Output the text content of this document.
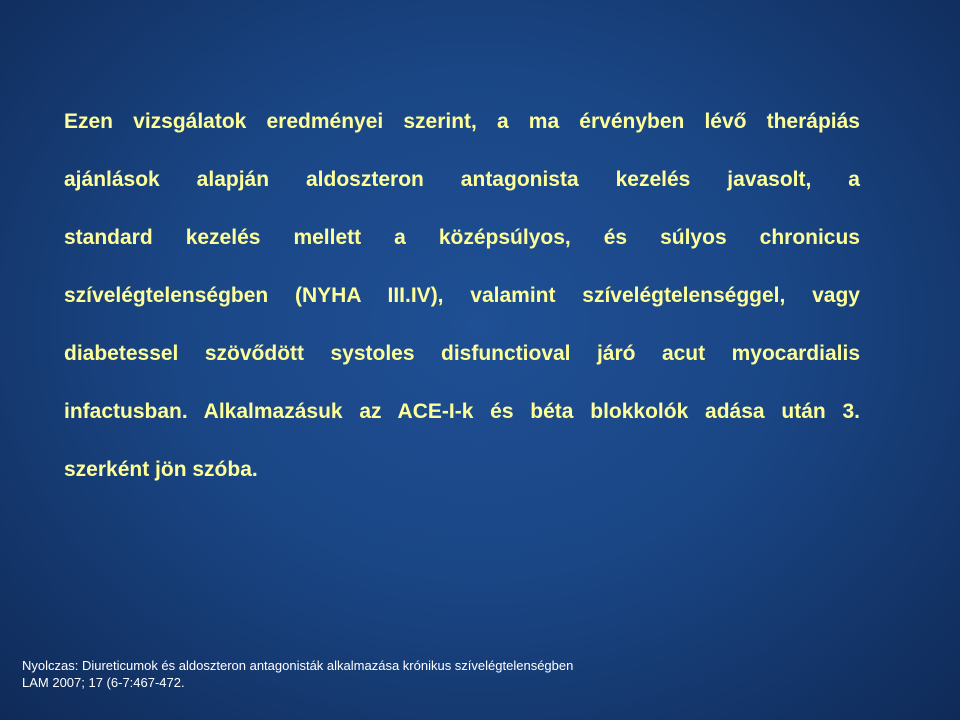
Ezen vizsgálatok eredményei szerint, a ma érvényben lévő therápiás
ajánlások alapján aldoszteron antagonista kezelés javasolt, a
standard kezelés mellett a középsúlyos, és súlyos chronicus
szívelégtelenségben (NYHA III.IV), valamint szívelégtelenséggel, vagy
diabetessel szövődött systoles disfunctioval járó acut myocardialis
infactusban. Alkalmazásuk az ACE-I-k és béta blokkolók adása után 3.
szerként jön szóba.
Nyolczas: Diureticumok és aldoszteron antagonisták alkalmazása krónikus szívelégtelenségben
LAM 2007; 17 (6-7:467-472.
